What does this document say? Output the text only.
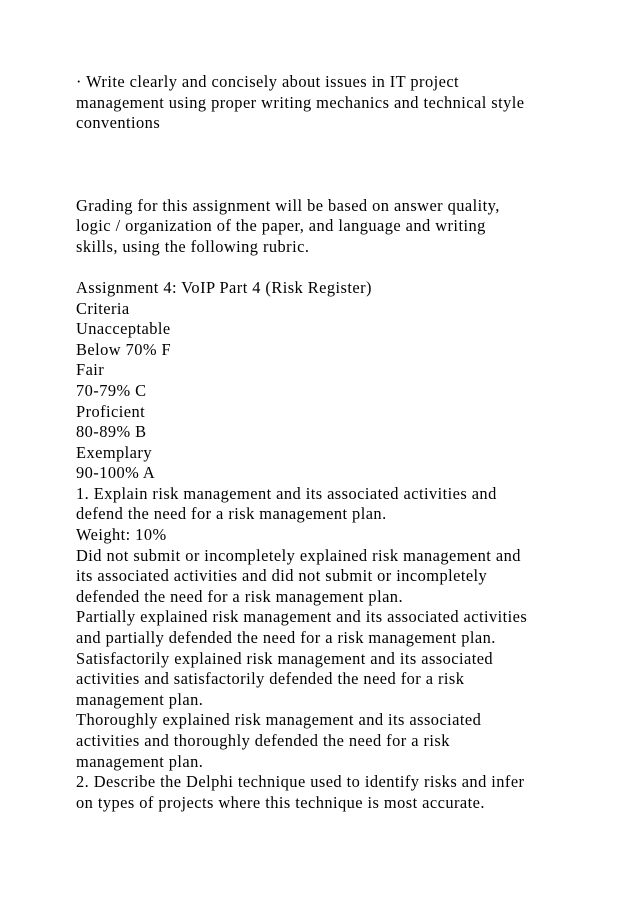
· Write clearly and concisely about issues in IT project
management using proper writing mechanics and technical style
conventions
Grading for this assignment will be based on answer quality,
logic / organization of the paper, and language and writing
skills, using the following rubric.
Assignment 4: VoIP Part 4 (Risk Register)
Criteria
Unacceptable
Below 70% F
Fair
70-79% C
Proficient
80-89% B
Exemplary
90-100% A
1. Explain risk management and its associated activities and
defend the need for a risk management plan.
Weight: 10%
Did not submit or incompletely explained risk management and
its associated activities and did not submit or incompletely
defended the need for a risk management plan.
Partially explained risk management and its associated activities
and partially defended the need for a risk management plan.
Satisfactorily explained risk management and its associated
activities and satisfactorily defended the need for a risk
management plan.
Thoroughly explained risk management and its associated
activities and thoroughly defended the need for a risk
management plan.
2. Describe the Delphi technique used to identify risks and infer
on types of projects where this technique is most accurate.
